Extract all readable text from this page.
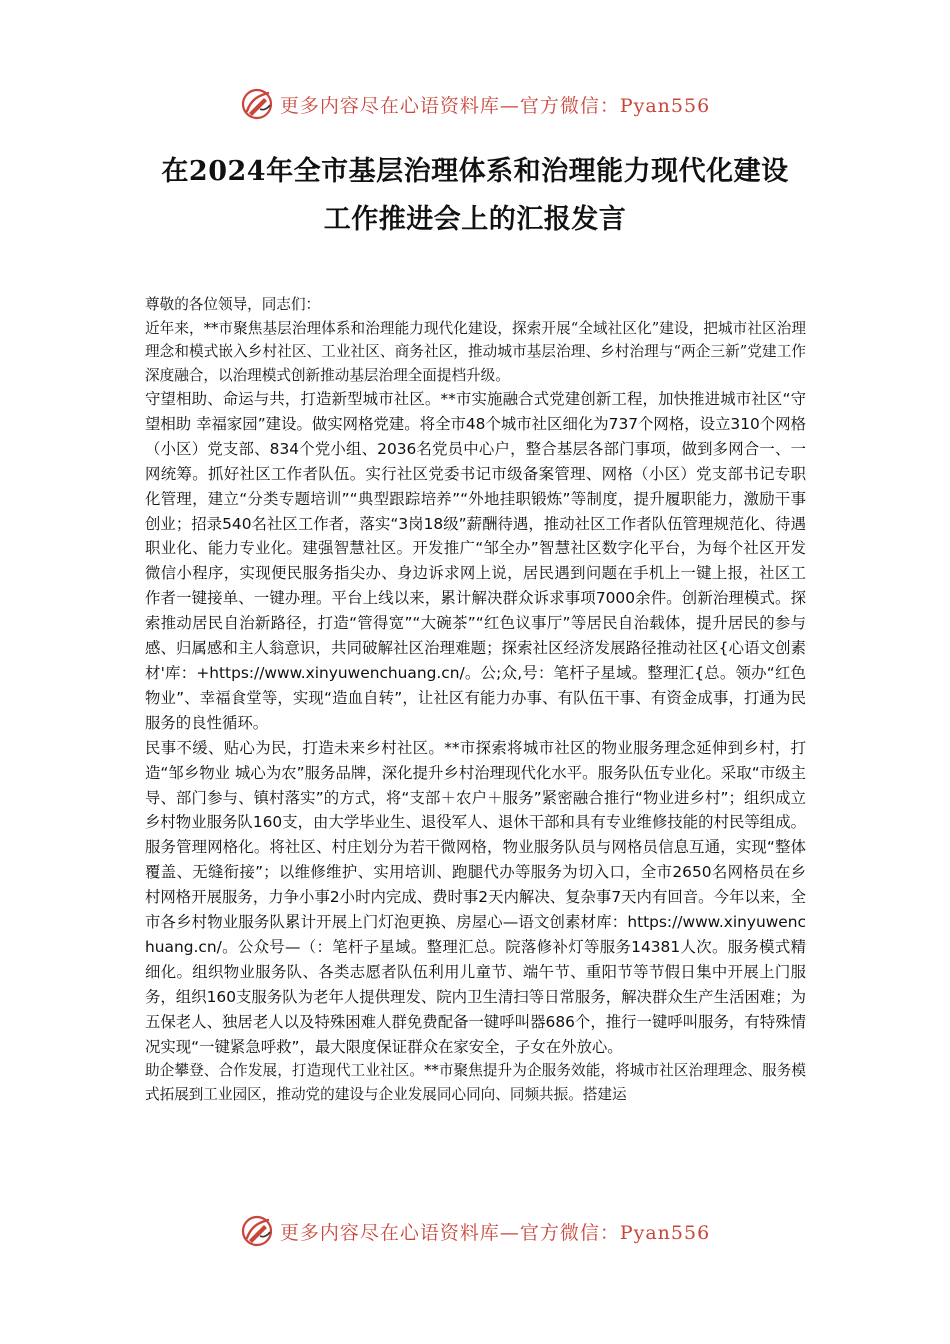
更多内容尽在心语资料库—官方微信：Pyan556
在2024年全市基层治理体系和治理能力现代化建设
工作推进会上的汇报发言

尊敬的各位领导，同志们：

近年来，**市聚焦基层治理体系和治理能力现代化建设，探索开展“全域社区化”建设，把城市社区治理理念和模式嵌入乡村社区、工业社区、商务社区，推动城市基层治理、乡村治理与“两企三新”党建工作深度融合，以治理模式创新推动基层治理全面提档升级。

守望相助、命运与共，打造新型城市社区。**市实施融合式党建创新工程，加快推进城市社区“守望相助 幸福家园”建设。做实网格党建。将全市48个城市社区细化为737个网格，设立310个网格（小区）党支部、834个党小组、2036名党员中心户，整合基层各部门事项，做到多网合一、一网统筹。抓好社区工作者队伍。实行社区党委书记市级备案管理、网格（小区）党支部书记专职化管理，建立“分类专题培训”“典型跟踪培养”“外地挂职锻炼”等制度，提升履职能力，激励干事创业；招录540名社区工作者，落实“3岗18级”薪酬待遇，推动社区工作者队伍管理规范化、待遇职业化、能力专业化。建强智慧社区。开发推广“邹全办”智慧社区数字化平台，为每个社区开发微信小程序，实现便民服务指尖办、身边诉求网上说，居民遇到问题在手机上一键上报，社区工作者一键接单、一键办理。平台上线以来，累计解决群众诉求事项7000余件。创新治理模式。探索推动居民自治新路径，打造“管得宽”“大碗茶”“红色议事厅”等居民自治载体，提升居民的参与感、归属感和主人翁意识，共同破解社区治理难题；探索社区经济发展路径推动社区{心语文创素材'库：+https://www.xinyuwenchuang.cn/。公;众,号：笔杆子星域。整理汇{总。领办“红色物业”、幸福食堂等，实现“造血自转”，让社区有能力办事、有队伍干事、有资金成事，打通为民服务的良性循环。

民事不缓、贴心为民，打造未来乡村社区。**市探索将城市社区的物业服务理念延伸到乡村，打造“邹乡物业 城心为农”服务品牌，深化提升乡村治理现代化水平。服务队伍专业化。采取“市级主导、部门参与、镇村落实”的方式，将“支部＋农户＋服务”紧密融合推行“物业进乡村”；组织成立乡村物业服务队160支，由大学毕业生、退役军人、退休干部和具有专业维修技能的村民等组成。服务管理网格化。将社区、村庄划分为若干微网格，物业服务队员与网格员信息互通，实现“整体覆盖、无缝衔接”；以维修维护、实用培训、跑腿代办等服务为切入口，全市2650名网格员在乡村网格开展服务，力争小事2小时内完成、费时事2天内解决、复杂事7天内有回音。今年以来，全市各乡村物业服务队累计开展上门灯泡更换、房屋心—语文创素材库：https://www.xinyuwenchuang.cn/。公众号—（：笔杆子星域。整理汇总。院落修补灯等服务14381人次。服务模式精细化。组织物业服务队、各类志愿者队伍利用儿童节、端午节、重阳节等节假日集中开展上门服务，组织160支服务队为老年人提供理发、院内卫生清扫等日常服务，解决群众生产生活困难；为五保老人、独居老人以及特殊困难人群免费配备一键呼叫器686个，推行一键呼叫服务，有特殊情况实现“一键紧急呼救”，最大限度保证群众在家安全，子女在外放心。

助企攀登、合作发展，打造现代工业社区。**市聚焦提升为企服务效能，将城市社区治理理念、服务模式拓展到工业园区，推动党的建设与企业发展同心同向、同频共振。搭建运

更多内容尽在心语资料库—官方微信：Pyan556
